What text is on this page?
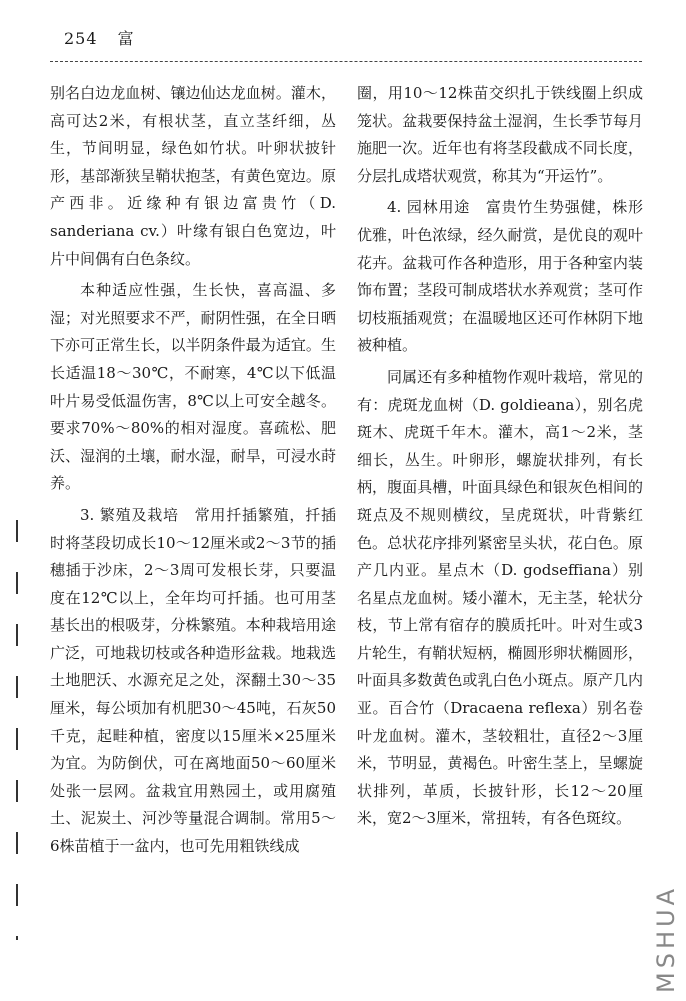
254 富

别名白边龙血树、镶边仙达龙血树。灌木，高可达2米，有根状茎，直立茎纤细，丛生，节间明显，绿色如竹状。叶卵状披针形，基部渐狭呈鞘状抱茎，有黄色宽边。原产西非。近缘种有银边富贵竹（D. sanderiana cv.）叶缘有银白色宽边，叶片中间偶有白色条纹。

本种适应性强，生长快，喜高温、多湿；对光照要求不严，耐阴性强，在全日晒下亦可正常生长，以半阴条件最为适宜。生长适温18～30℃，不耐寒，4℃以下低温叶片易受低温伤害，8℃以上可安全越冬。要求70%～80%的相对湿度。喜疏松、肥沃、湿润的土壤，耐水湿，耐旱，可浸水莳养。

3. 繁殖及栽培　常用扦插繁殖，扦插时将茎段切成长10～12厘米或2～3节的插穗插于沙床，2～3周可发根长芽，只要温度在12℃以上，全年均可扦插。也可用茎基长出的根吸芽，分株繁殖。本种栽培用途广泛，可地栽切枝或各种造形盆栽。地栽选土地肥沃、水源充足之处，深翻土30～35厘米，每公顷加有机肥30～45吨，石灰50千克，起畦种植，密度以15厘米×25厘米为宜。为防倒伏，可在离地面50～60厘米处张一层网。盆栽宜用熟园土，或用腐殖土、泥炭土、河沙等量混合调制。常用5～6株苗植于一盆内，也可先用粗铁线成

圈，用10～12株苗交织扎于铁线圈上织成笼状。盆栽要保持盆土湿润，生长季节每月施肥一次。近年也有将茎段截成不同长度，分层扎成塔状观赏，称其为“开运竹”。

4. 园林用途　富贵竹生势强健，株形优雅，叶色浓绿，经久耐赏，是优良的观叶花卉。盆栽可作各种造形，用于各种室内装饰布置；茎段可制成塔状水养观赏；茎可作切枝瓶插观赏；在温暖地区还可作林阴下地被种植。

同属还有多种植物作观叶栽培，常见的有：虎斑龙血树（D. goldieana），别名虎斑木、虎斑千年木。灌木，高1～2米，茎细长，丛生。叶卵形，螺旋状排列，有长柄，腹面具槽，叶面具绿色和银灰色相间的斑点及不规则横纹，呈虎斑状，叶背紫红色。总状花序排列紧密呈头状，花白色。原产几内亚。星点木（D. godseffiana）别名星点龙血树。矮小灌木，无主茎，轮状分枝，节上常有宿存的膜质托叶。叶对生或3片轮生，有鞘状短柄，椭圆形卵状椭圆形，叶面具多数黄色或乳白色小斑点。原产几内亚。百合竹（Dracaena reflexa）别名卷叶龙血树。灌木，茎较粗壮，直径2～3厘米，节明显，黄褐色。叶密生茎上，呈螺旋状排列，革质，长披针形，长12～20厘米，宽2～3厘米，常扭转，有各色斑纹。

MSHUA
